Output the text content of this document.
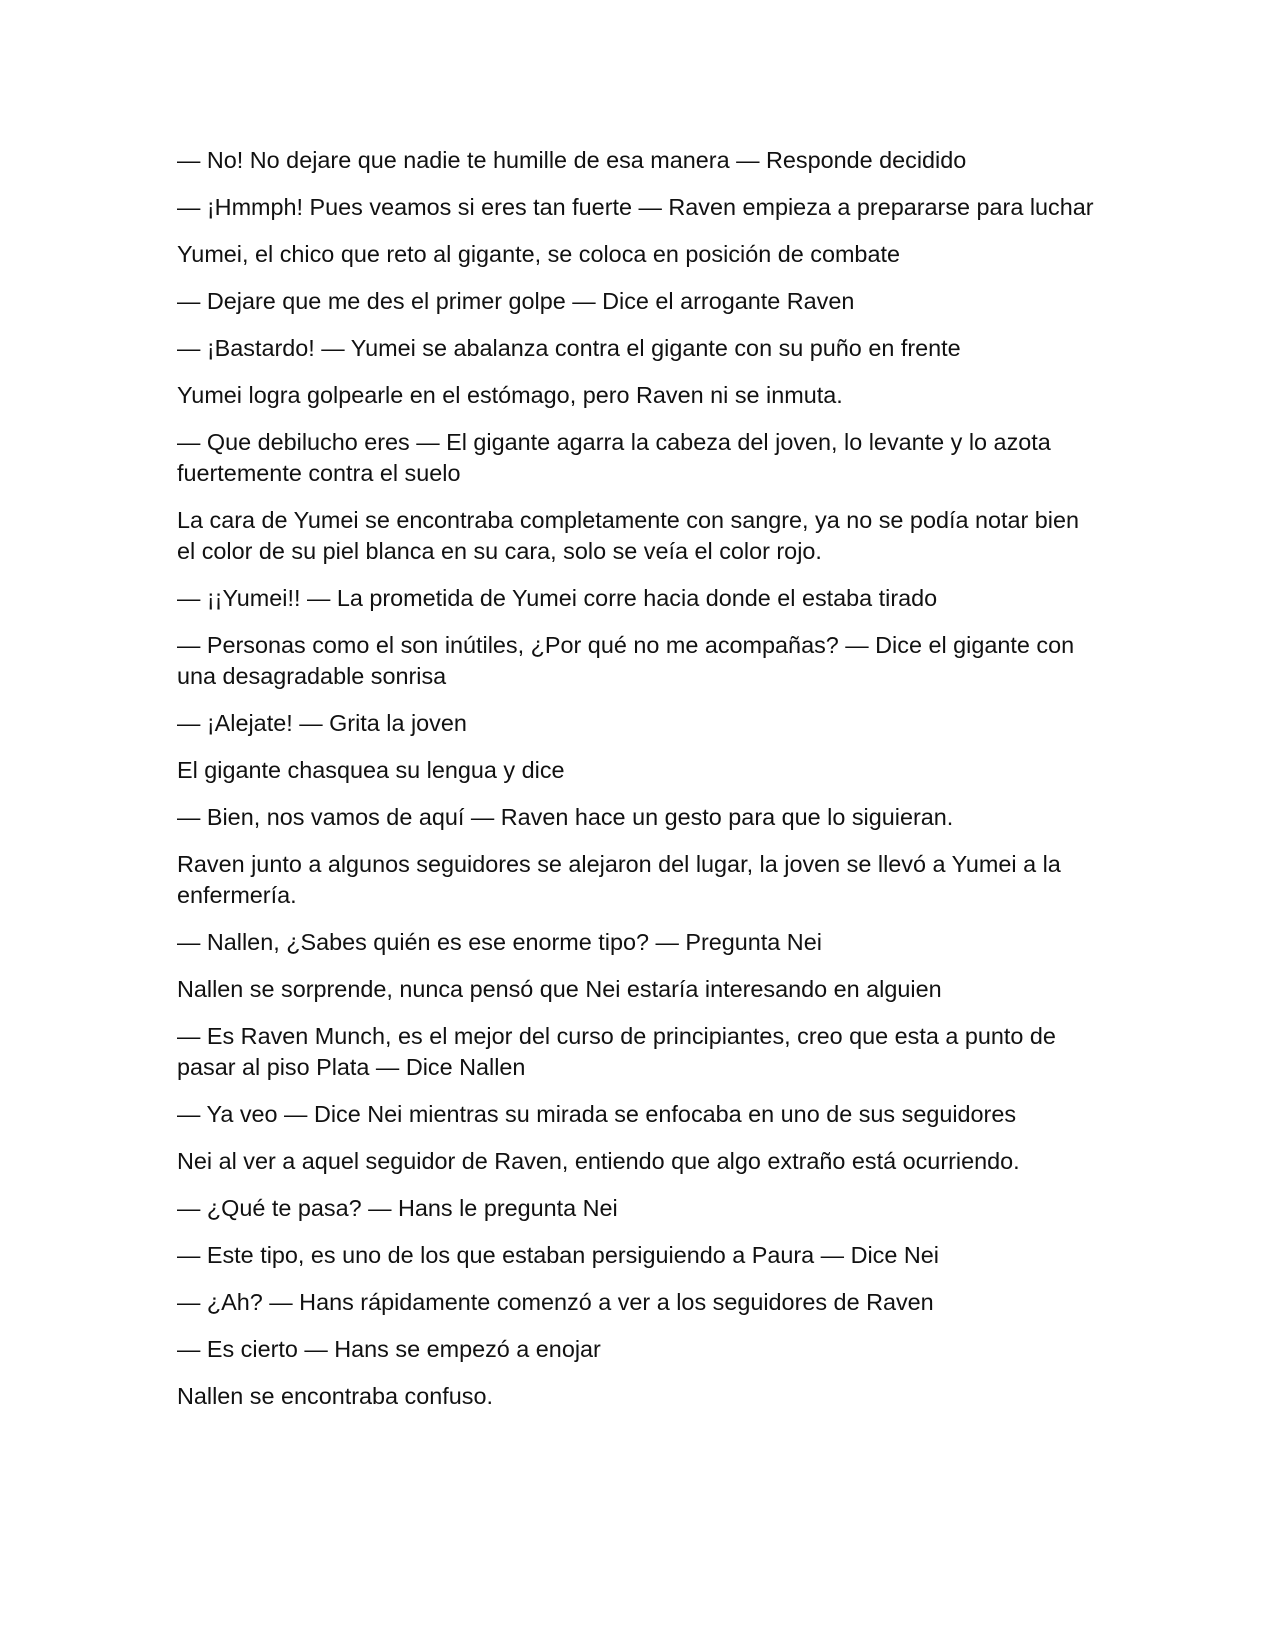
— No! No dejare que nadie te humille de esa manera — Responde decidido

— ¡Hmmph! Pues veamos si eres tan fuerte — Raven empieza a prepararse para luchar

Yumei, el chico que reto al gigante, se coloca en posición de combate

— Dejare que me des el primer golpe — Dice el arrogante Raven

— ¡Bastardo! — Yumei se abalanza contra el gigante con su puño en frente

Yumei logra golpearle en el estómago, pero Raven ni se inmuta.

— Que debilucho eres — El gigante agarra la cabeza del joven, lo levante y lo azota fuertemente contra el suelo

La cara de Yumei se encontraba completamente con sangre, ya no se podía notar bien el color de su piel blanca en su cara, solo se veía el color rojo.

— ¡¡Yumei!! — La prometida de Yumei corre hacia donde el estaba tirado

— Personas como el son inútiles, ¿Por qué no me acompañas? — Dice el gigante con una desagradable sonrisa

— ¡Alejate! — Grita la joven

El gigante chasquea su lengua y dice

— Bien, nos vamos de aquí — Raven hace un gesto para que lo siguieran.

Raven junto a algunos seguidores se alejaron del lugar, la joven se llevó a Yumei a la enfermería.

— Nallen, ¿Sabes quién es ese enorme tipo? — Pregunta Nei

Nallen se sorprende, nunca pensó que Nei estaría interesando en alguien

— Es Raven Munch, es el mejor del curso de principiantes, creo que esta a punto de pasar al piso Plata — Dice Nallen

— Ya veo — Dice Nei mientras su mirada se enfocaba en uno de sus seguidores

Nei al ver a aquel seguidor de Raven, entiendo que algo extraño está ocurriendo.

— ¿Qué te pasa? — Hans le pregunta Nei

— Este tipo, es uno de los que estaban persiguiendo a Paura — Dice Nei

— ¿Ah? — Hans rápidamente comenzó a ver a los seguidores de Raven

— Es cierto — Hans se empezó a enojar

Nallen se encontraba confuso.
